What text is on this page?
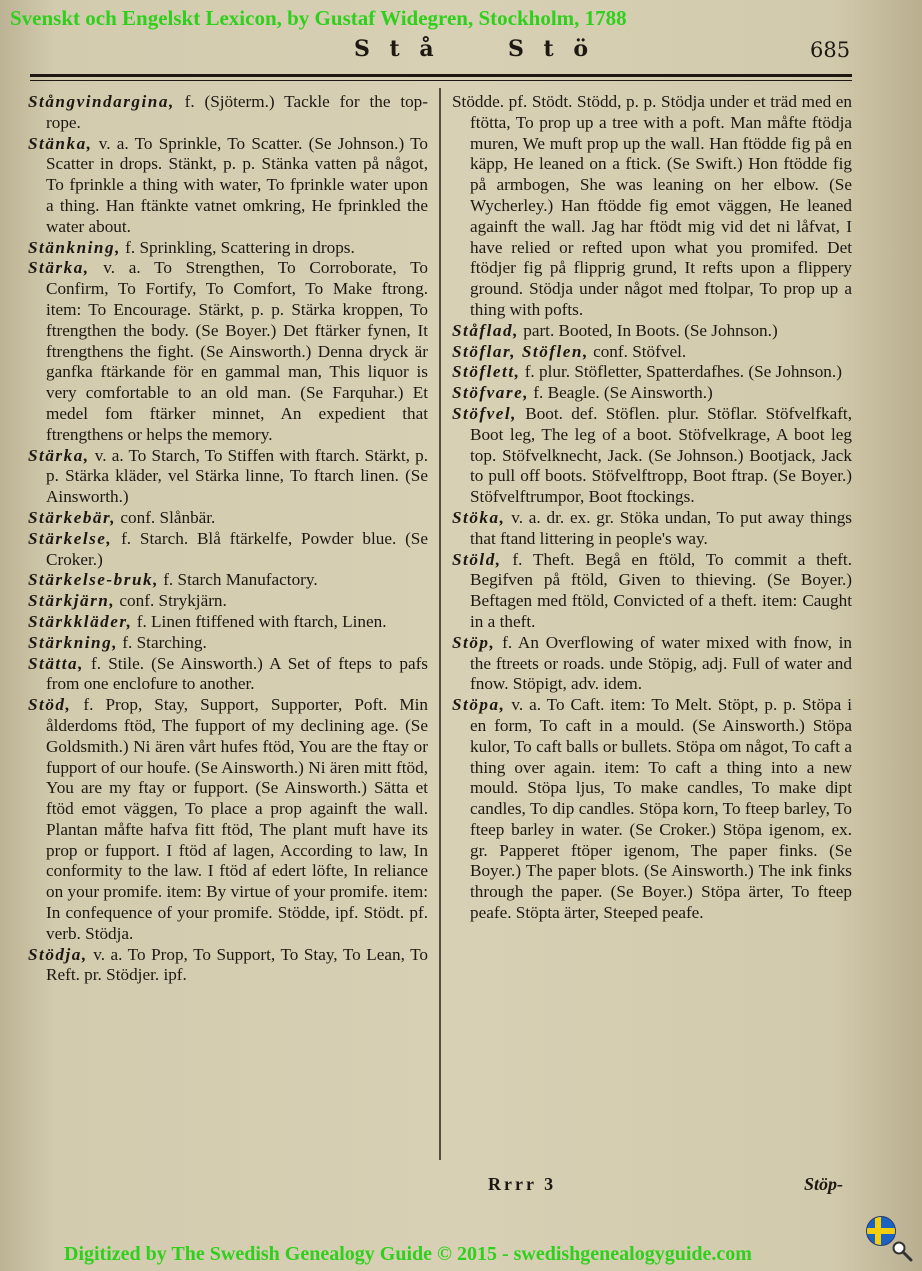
Svenskt och Engelskt Lexicon, by Gustaf Widegren, Stockholm, 1788
S t å	S t ö	685

Stångvindargina, f. (Sjöterm.) Tackle for the top-rope.

Stänka, v. a. To Sprinkle, To Scatter. (Se Johnson.) To Scatter in drops. Stänkt, p. p. Stänka vatten på något, To fprinkle a thing with water, To fprinkle water upon a thing. Han ftänkte vatnet omkring, He fprinkled the water about.

Stänkning, f. Sprinkling, Scattering in drops.

Stärka, v. a. To Strengthen, To Corroborate, To Confirm, To Fortify, To Comfort, To Make ftrong. item: To Encourage. Stärkt, p. p. Stärka kroppen, To ftrengthen the body. (Se Boyer.) Det ftärker fynen, It ftrengthens the fight. (Se Ainsworth.) Denna dryck är ganfka ftärkande för en gammal man, This liquor is very comfortable to an old man. (Se Farquhar.) Et medel fom ftärker minnet, An expedient that ftrengthens or helps the memory.

Stärka, v. a. To Starch, To Stiffen with ftarch. Stärkt, p. p. Stärka kläder, vel Stärka linne, To ftarch linen. (Se Ainsworth.)

Stärkebär, conf. Slånbär.

Stärkelse, f. Starch. Blå ftärkelfe, Powder blue. (Se Croker.)

Stärkelse-bruk, f. Starch Manufactory.

Stärkjärn, conf. Strykjärn.

Stärkkläder, f. Linen ftiffened with ftarch, Linen.

Stärkning, f. Starching.

Stätta, f. Stile. (Se Ainsworth.) A Set of fteps to pafs from one enclofure to another.

Stöd, f. Prop, Stay, Support, Supporter, Poft. Min ålderdoms ftöd, The fupport of my declining age. (Se Goldsmith.) Ni ären vårt hufes ftöd, You are the ftay or fupport of our houfe. (Se Ainsworth.) Ni ären mitt ftöd, You are my ftay or fupport. (Se Ainsworth.) Sätta et ftöd emot väggen, To place a prop againft the wall. Plantan måfte hafva fitt ftöd, The plant muft have its prop or fupport. I ftöd af lagen, According to law, In conformity to the law. I ftöd af edert löfte, In reliance on your promife. item: By virtue of your promife. item: In confequence of your promife. Stödde, ipf. Stödt. pf. verb. Stödja.

Stödja, v. a. To Prop, To Support, To Stay, To Lean, To Reft. pr. Stödjer. ipf.

Stödde. pf. Stödt. Stödd, p. p. Stödja under et träd med en ftötta, To prop up a tree with a poft. Man måfte ftödja muren, We muft prop up the wall. Han ftödde fig på en käpp, He leaned on a ftick. (Se Swift.) Hon ftödde fig på armbogen, She was leaning on her elbow. (Se Wycherley.) Han ftödde fig emot väggen, He leaned againft the wall. Jag har ftödt mig vid det ni låfvat, I have relied or refted upon what you promifed. Det ftödjer fig på flipprig grund, It refts upon a flippery ground. Stödja under något med ftolpar, To prop up a thing with pofts.

Ståflad, part. Booted, In Boots. (Se Johnson.)

Stöflar, Stöflen, conf. Stöfvel.

Stöflett, f. plur. Stöfletter, Spatterdafhes. (Se Johnson.)

Stöfvare, f. Beagle. (Se Ainsworth.)

Stöfvel, Boot. def. Stöflen. plur. Stöflar. Stöfvelfkaft, Boot leg, The leg of a boot. Stöfvelkrage, A boot leg top. Stöfvelknecht, Jack. (Se Johnson.) Bootjack, Jack to pull off boots. Stöfvelftropp, Boot ftrap. (Se Boyer.) Stöfvelftrumpor, Boot ftockings.

Stöka, v. a. dr. ex. gr. Stöka undan, To put away things that ftand littering in people's way.

Stöld, f. Theft. Begå en ftöld, To commit a theft. Begifven på ftöld, Given to thieving. (Se Boyer.) Beftagen med ftöld, Convicted of a theft. item: Caught in a theft.

Stöp, f. An Overflowing of water mixed with fnow, in the ftreets or roads. unde Stöpig, adj. Full of water and fnow. Stöpigt, adv. idem.

Stöpa, v. a. To Caft. item: To Melt. Stöpt, p. p. Stöpa i en form, To caft in a mould. (Se Ainsworth.) Stöpa kulor, To caft balls or bullets. Stöpa om något, To caft a thing over again. item: To caft a thing into a new mould. Stöpa ljus, To make candles, To make dipt candles, To dip candles. Stöpa korn, To fteep barley, To fteep barley in water. (Se Croker.) Stöpa igenom, ex. gr. Papperet ftöper igenom, The paper finks. (Se Boyer.) The paper blots. (Se Ainsworth.) The ink finks through the paper. (Se Boyer.) Stöpa ärter, To fteep peafe. Stöpta ärter, Steeped peafe.

Rrrr 3	Stöp-
Digitized by The Swedish Genealogy Guide © 2015 - swedishgenealogyguide.com
